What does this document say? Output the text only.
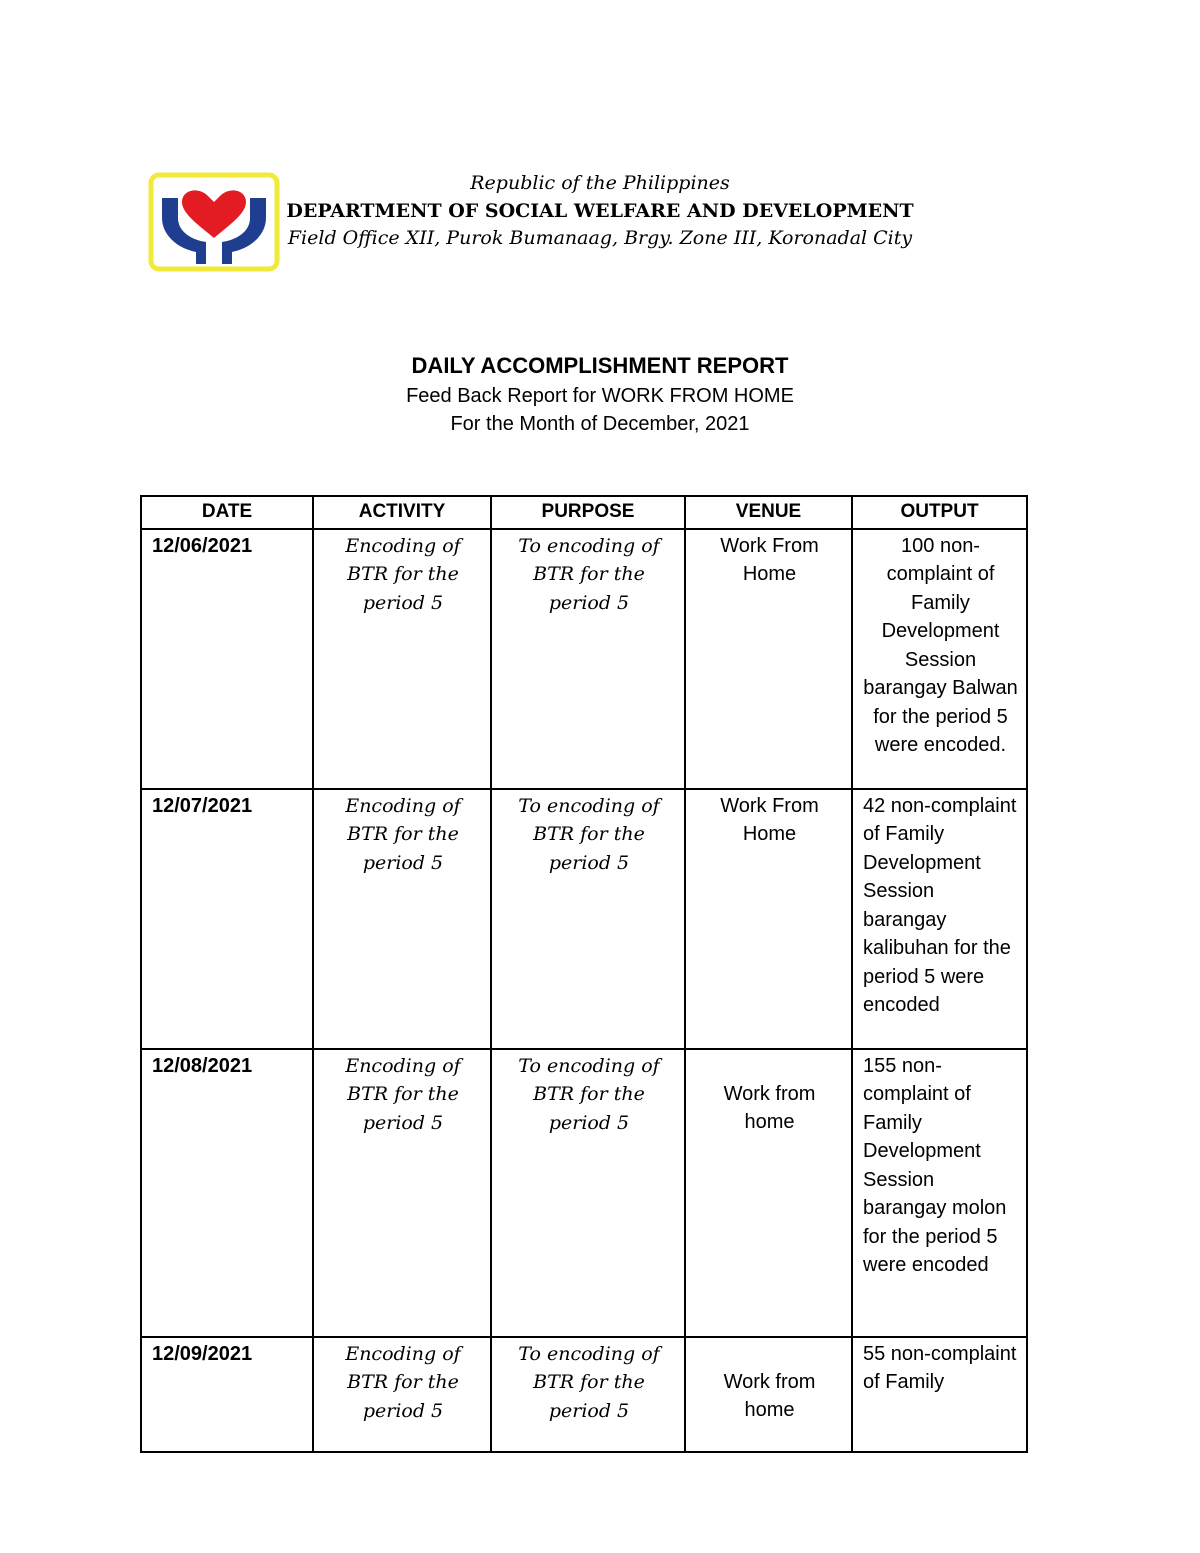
Republic of the Philippines
DEPARTMENT OF SOCIAL WELFARE AND DEVELOPMENT
Field Office XII, Purok Bumanaag, Brgy. Zone III, Koronadal City
DAILY ACCOMPLISHMENT REPORT
Feed Back Report for WORK FROM HOME
For the Month of December, 2021
DATE	ACTIVITY	PURPOSE	VENUE	OUTPUT
12/06/2021	Encoding of BTR for the period 5	To encoding of BTR for the period 5	Work From Home	100 non-complaint of Family Development Session barangay Balwan for the period 5 were encoded.
12/07/2021	Encoding of BTR for the period 5	To encoding of BTR for the period 5	Work From Home	42 non-complaint of Family Development Session barangay kalibuhan for the period 5 were encoded
12/08/2021	Encoding of BTR for the period 5	To encoding of BTR for the period 5	Work from home	155 non-complaint of Family Development Session barangay molon for the period 5 were encoded
12/09/2021	Encoding of BTR for the period 5	To encoding of BTR for the period 5	Work from home	55 non-complaint of Family
